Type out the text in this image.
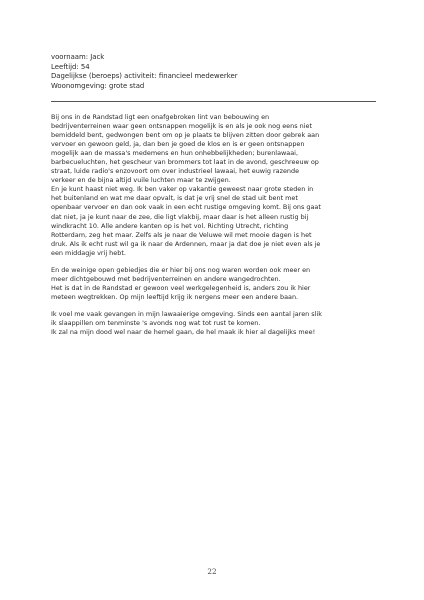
voornaam: Jack
Leeftijd: 54
Dagelijkse (beroeps) activiteit: financieel medewerker
Woonomgeving: grote stad

Bij ons in de Randstad ligt een onafgebroken lint van bebouwing en
bedrijventerreinen waar geen ontsnappen mogelijk is en als je ook nog eens niet
bemiddeld bent, gedwongen bent om op je plaats te blijven zitten door gebrek aan
vervoer en gewoon geld, ja, dan ben je goed de klos en is er geen ontsnappen
mogelijk aan de massa's medemens en hun onhebbelijkheden; burenlawaai,
barbecueluchten, het gescheur van brommers tot laat in de avond, geschreeuw op
straat, luide radio's enzovoort om over industrieel lawaai, het euwig razende
verkeer en de bijna altijd vuile luchten maar te zwijgen.
En je kunt haast niet weg. Ik ben vaker op vakantie geweest naar grote steden in
het buitenland en wat me daar opvalt, is dat je vrij snel de stad uit bent met
openbaar vervoer en dan ook vaak in een echt rustige omgeving komt. Bij ons gaat
dat niet, ja je kunt naar de zee, die ligt vlakbij, maar daar is het alleen rustig bij
windkracht 10. Alle andere kanten op is het vol. Richting Utrecht, richting
Rotterdam, zeg het maar. Zelfs als je naar de Veluwe wil met mooie dagen is het
druk. Als ik echt rust wil ga ik naar de Ardennen, maar ja dat doe je niet even als je
een middagje vrij hebt.

En de weinige open gebiedjes die er hier bij ons nog waren worden ook meer en
meer dichtgebouwd met bedrijventerreinen en andere wangedrochten.
Het is dat in de Randstad er gewoon veel werkgelegenheid is, anders zou ik hier
meteen wegtrekken. Op mijn leeftijd krijg ik nergens meer een andere baan.

Ik voel me vaak gevangen in mijn lawaaierige omgeving. Sinds een aantal jaren slik
ik slaappillen om tenminste 's avonds nog wat tot rust te komen.
Ik zal na mijn dood wel naar de hemel gaan, de hel maak ik hier al dagelijks mee!

22
